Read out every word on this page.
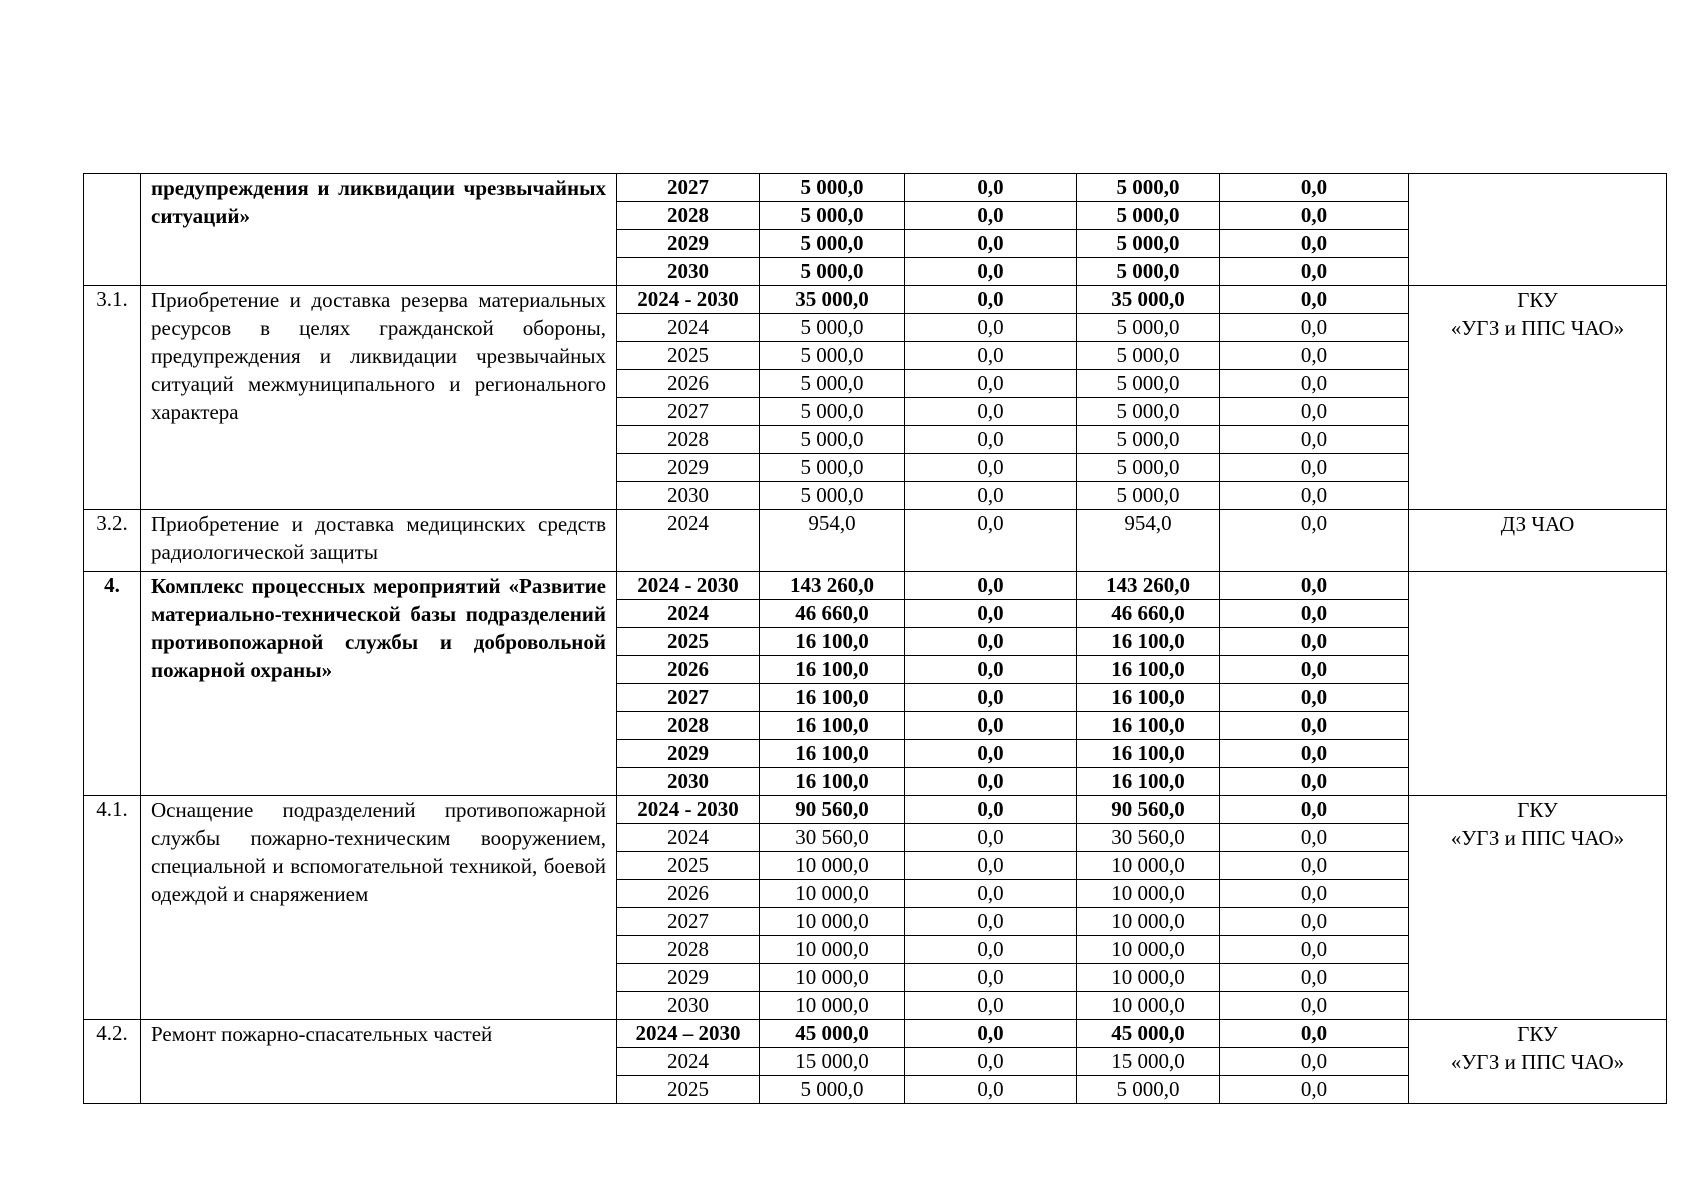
	предупреждения и ликвидации чрезвычайных ситуаций»	2027	5 000,0	0,0	5 000,0	0,0	
		2028	5 000,0	0,0	5 000,0	0,0	
		2029	5 000,0	0,0	5 000,0	0,0	
		2030	5 000,0	0,0	5 000,0	0,0	
3.1.	Приобретение и доставка резерва материальных ресурсов в целях гражданской обороны, предупреждения и ликвидации чрезвычайных ситуаций межмуниципального и регионального характера	2024 - 2030	35 000,0	0,0	35 000,0	0,0	ГКУ
«УГЗ и ППС ЧАО»
		2024	5 000,0	0,0	5 000,0	0,0	
		2025	5 000,0	0,0	5 000,0	0,0	
		2026	5 000,0	0,0	5 000,0	0,0	
		2027	5 000,0	0,0	5 000,0	0,0	
		2028	5 000,0	0,0	5 000,0	0,0	
		2029	5 000,0	0,0	5 000,0	0,0	
		2030	5 000,0	0,0	5 000,0	0,0	
3.2.	Приобретение и доставка медицинских средств радиологической защиты	2024	954,0	0,0	954,0	0,0	ДЗ ЧАО
4.	Комплекс процессных мероприятий «Развитие материально-технической базы подразделений противопожарной службы и добровольной пожарной охраны»	2024 - 2030	143 260,0	0,0	143 260,0	0,0	
		2024	46 660,0	0,0	46 660,0	0,0	
		2025	16 100,0	0,0	16 100,0	0,0	
		2026	16 100,0	0,0	16 100,0	0,0	
		2027	16 100,0	0,0	16 100,0	0,0	
		2028	16 100,0	0,0	16 100,0	0,0	
		2029	16 100,0	0,0	16 100,0	0,0	
		2030	16 100,0	0,0	16 100,0	0,0	
4.1.	Оснащение подразделений противопожарной службы пожарно-техническим вооружением, специальной и вспомогательной техникой, боевой одеждой и снаряжением	2024 - 2030	90 560,0	0,0	90 560,0	0,0	ГКУ
«УГЗ и ППС ЧАО»
		2024	30 560,0	0,0	30 560,0	0,0	
		2025	10 000,0	0,0	10 000,0	0,0	
		2026	10 000,0	0,0	10 000,0	0,0	
		2027	10 000,0	0,0	10 000,0	0,0	
		2028	10 000,0	0,0	10 000,0	0,0	
		2029	10 000,0	0,0	10 000,0	0,0	
		2030	10 000,0	0,0	10 000,0	0,0	
4.2.	Ремонт пожарно-спасательных частей	2024 – 2030	45 000,0	0,0	45 000,0	0,0	ГКУ
«УГЗ и ППС ЧАО»
		2024	15 000,0	0,0	15 000,0	0,0	
		2025	5 000,0	0,0	5 000,0	0,0	
